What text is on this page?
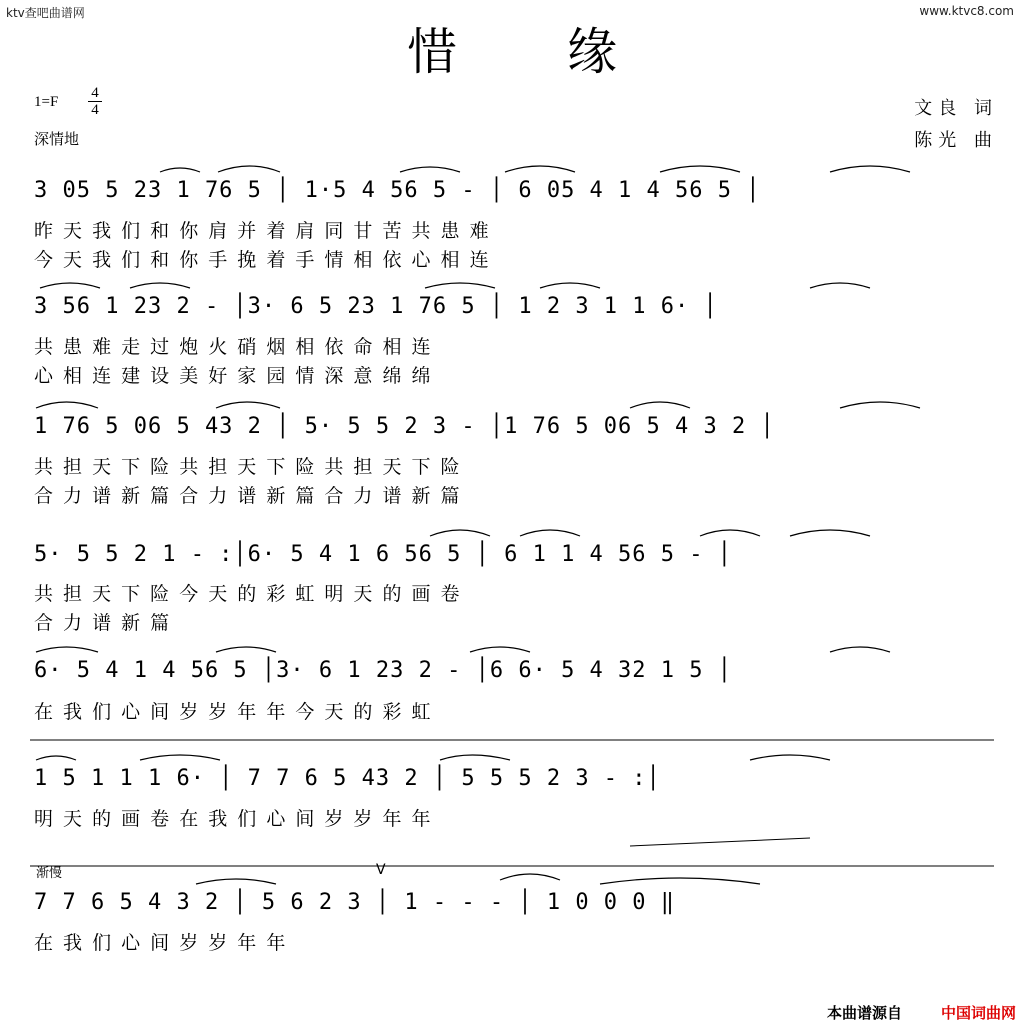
ktv查吧曲谱网	www.ktvc8.com
惜缘
1=F
4
4
深情地
文良 词
陈光 曲
3 05 5 23 1 76 5 │ 1·5 4 56 5 - │ 6 05 4 1 4 56 5 │
昨 天 我 们 和 你 肩 并 着 肩 同 甘 苦 共 患 难
今 天 我 们 和 你 手 挽 着 手 情 相 依 心 相 连
3 56 1 23 2 - │3· 6 5 23 1 76 5 │ 1 2 3 1 1 6· │
共 患 难 走 过 炮 火 硝 烟 相 依 命 相 连
心 相 连 建 设 美 好 家 园 情 深 意 绵 绵
1 76 5 06 5 43 2 │ 5· 5 5 2 3 - │1 76 5 06 5 4 3 2 │
共 担 天 下 险 共 担 天 下 险 共 担 天 下 险
合 力 谱 新 篇 合 力 谱 新 篇 合 力 谱 新 篇
5· 5 5 2 1 - :│6· 5 4 1 6 56 5 │ 6 1 1 4 56 5 - │
共 担 天 下 险 今 天 的 彩 虹 明 天 的 画 卷
合 力 谱 新 篇
6· 5 4 1 4 56 5 │3· 6 1 23 2 - │6 6· 5 4 32 1 5 │
在 我 们 心 间 岁 岁 年 年 今 天 的 彩 虹
1 5 1 1 1 6· │ 7 7 6 5 43 2 │ 5 5 5 2 3 - :│
明 天 的 画 卷 在 我 们 心 间 岁 岁 年 年
渐慢	V
7 7 6 5 4 3 2 │ 5 6 2 3 │ 1 - - - │ 1 0 0 0 ‖
在 我 们 心 间 岁 岁 年 年
本曲谱源自	中国词曲网
